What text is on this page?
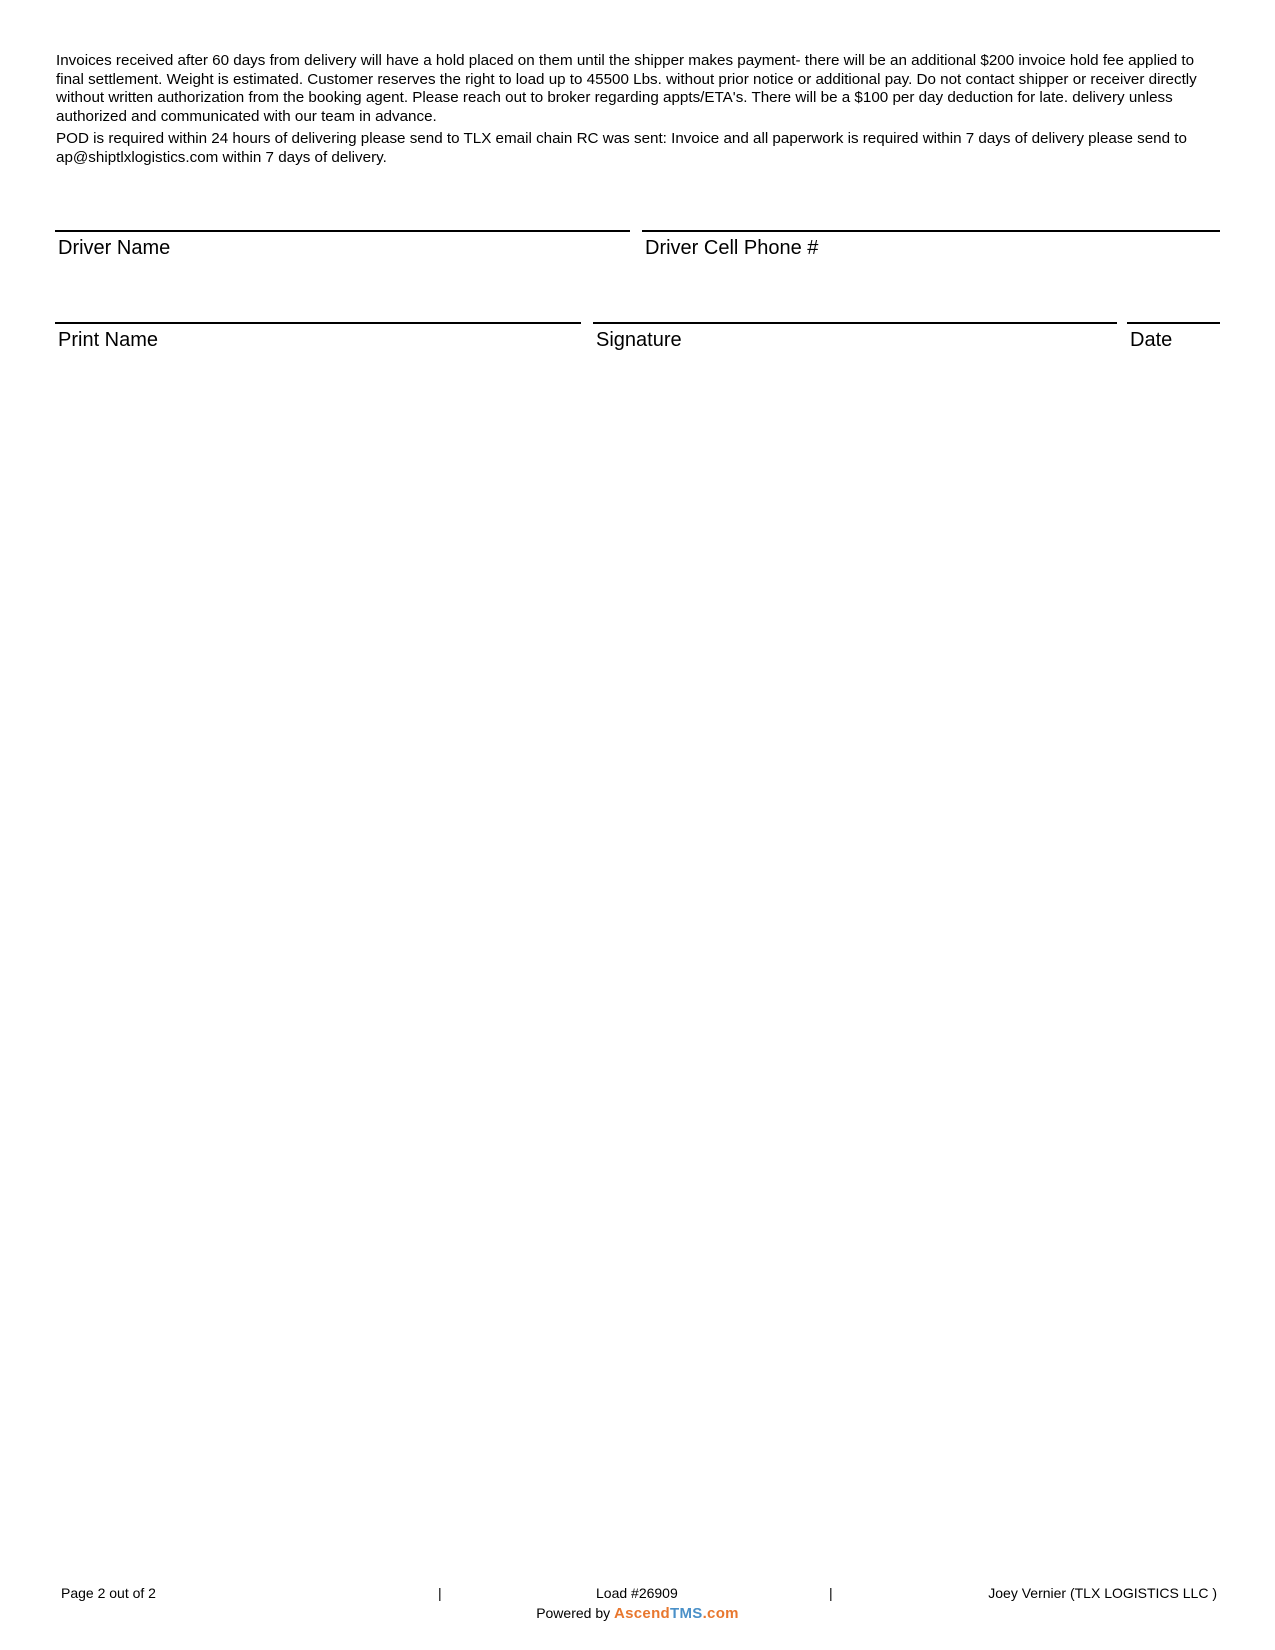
Invoices received after 60 days from delivery will have a hold placed on them until the shipper makes payment- there will be an additional $200 invoice hold fee applied to final settlement. Weight is estimated. Customer reserves the right to load up to 45500 Lbs. without prior notice or additional pay. Do not contact shipper or receiver directly without written authorization from the booking agent. Please reach out to broker regarding appts/ETA's. There will be a $100 per day deduction for late. delivery unless authorized and communicated with our team in advance.

POD is required within 24 hours of delivering please send to TLX email chain RC was sent: Invoice and all paperwork is required within 7 days of delivery please send to ap@shiptlxlogistics.com within 7 days of delivery.

Driver Name	Driver Cell Phone #
Print Name	Signature	Date
Page 2 out of 2	|	Load #26909	|	Joey Vernier (TLX LOGISTICS LLC )
Powered by AscendTMS.com
